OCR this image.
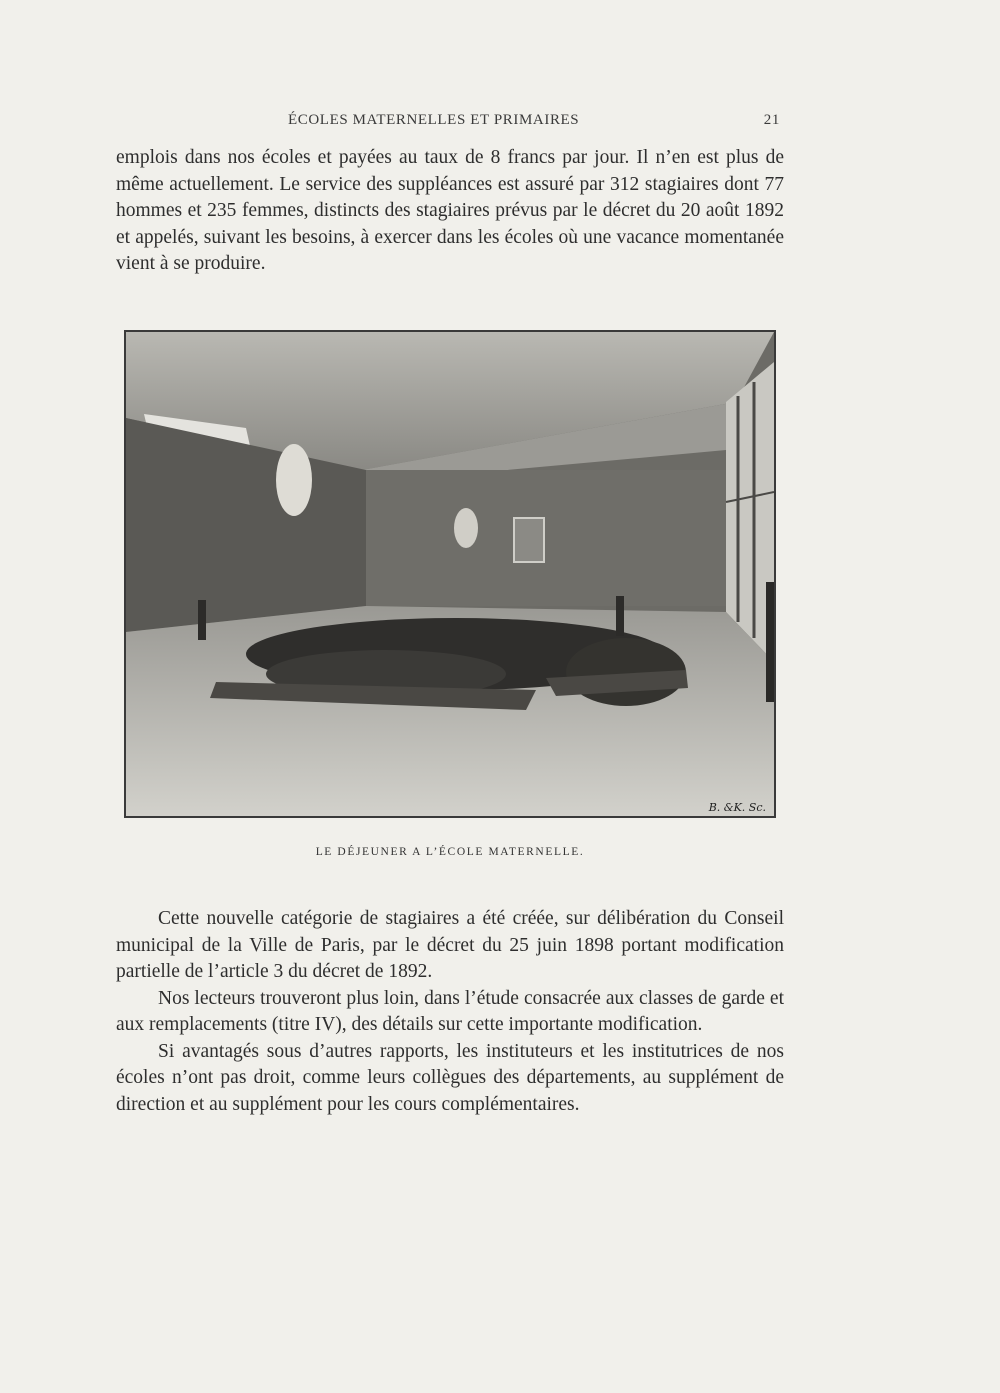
ÉCOLES MATERNELLES ET PRIMAIRES	21

emplois dans nos écoles et payées au taux de 8 francs par jour. Il n’en est plus de même actuellement. Le service des suppléances est assuré par 312 stagiaires dont 77 hommes et 235 femmes, distincts des stagiaires prévus par le décret du 20 août 1892 et appelés, suivant les besoins, à exercer dans les écoles où une vacance momentanée vient à se produire.

B. &K. Sc.
LE DÉJEUNER A L’ÉCOLE MATERNELLE.

Cette nouvelle catégorie de stagiaires a été créée, sur délibération du Conseil municipal de la Ville de Paris, par le décret du 25 juin 1898 portant modification partielle de l’article 3 du décret de 1892.

Nos lecteurs trouveront plus loin, dans l’étude consacrée aux classes de garde et aux remplacements (titre IV), des détails sur cette importante modification.

Si avantagés sous d’autres rapports, les instituteurs et les institutrices de nos écoles n’ont pas droit, comme leurs collègues des départements, au supplément de direction et au supplément pour les cours complémentaires.
